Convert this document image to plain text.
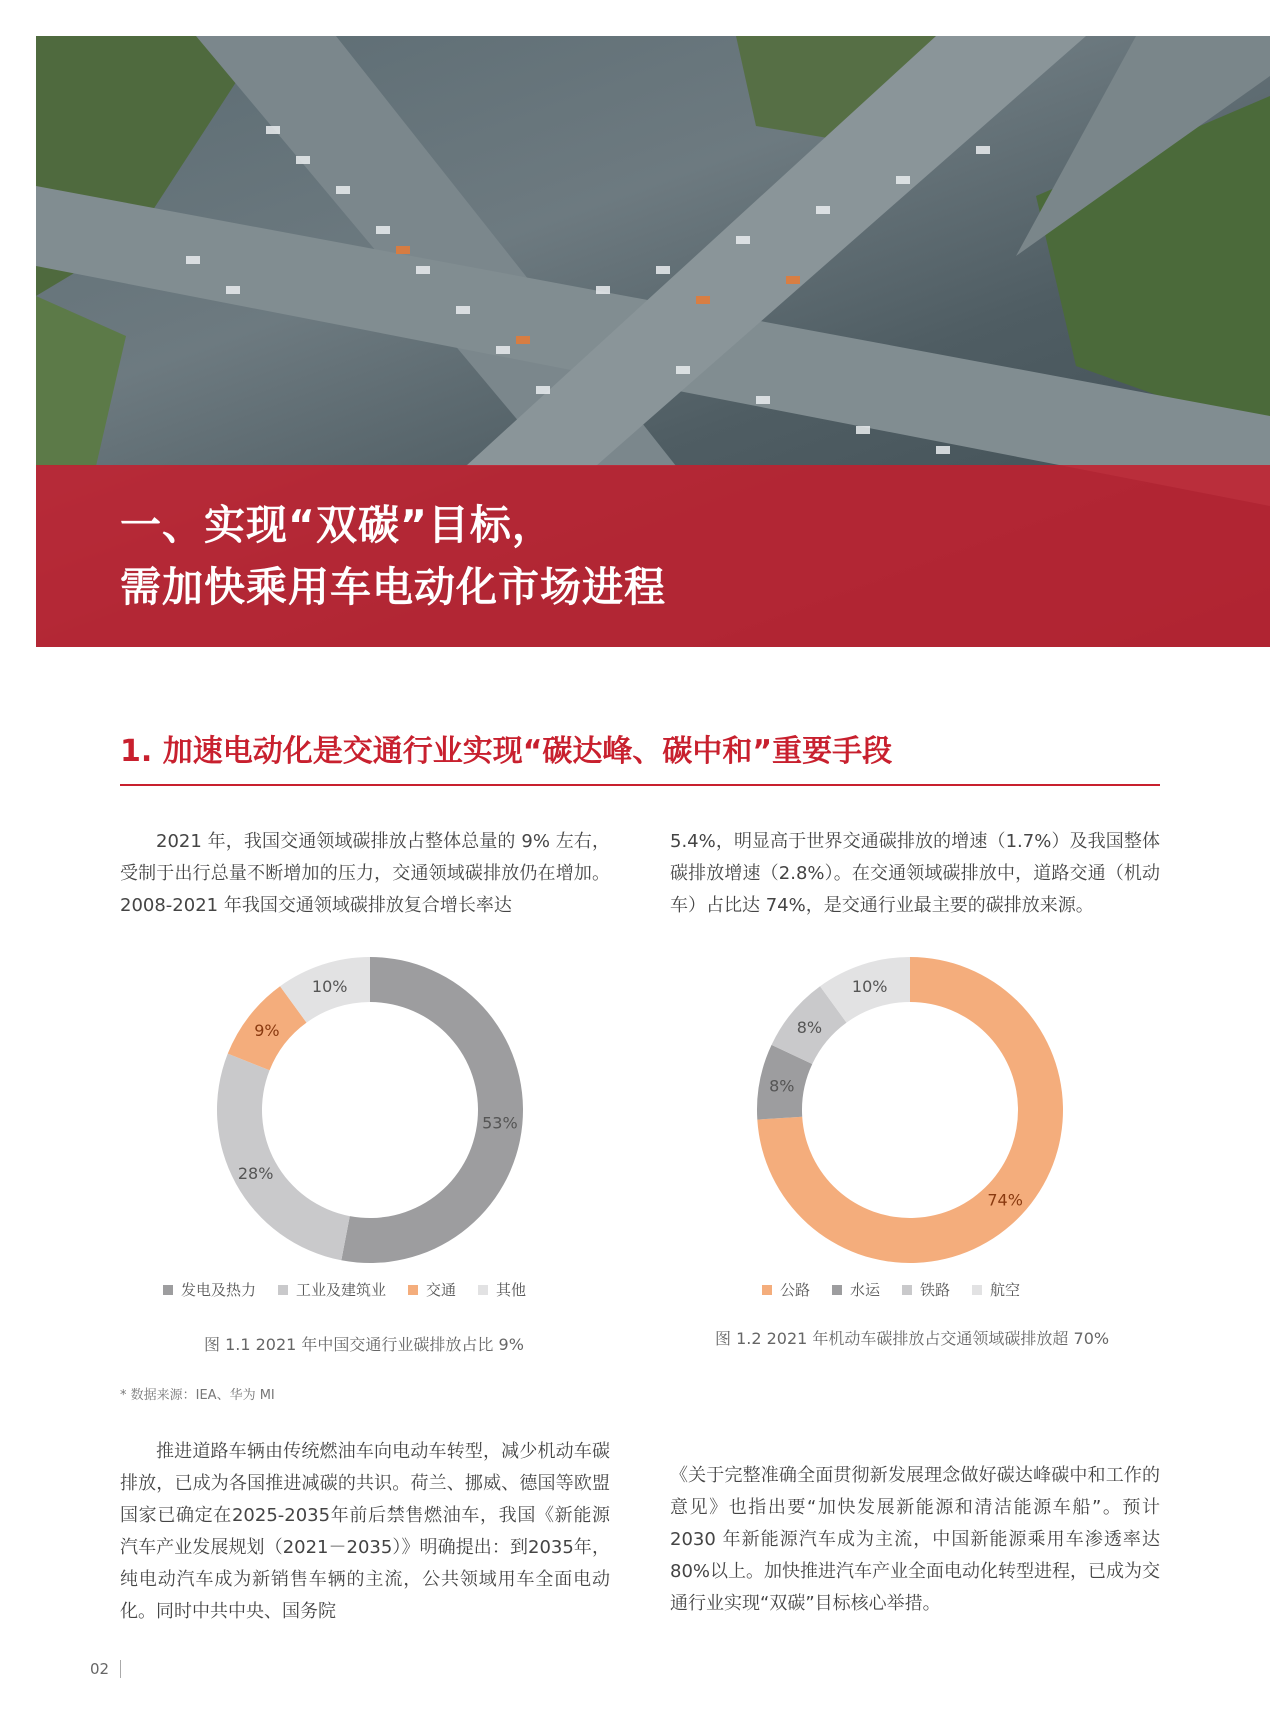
一、实现“双碳”目标，
需加快乘用车电动化市场进程
1. 加速电动化是交通行业实现“碳达峰、碳中和”重要手段

2021 年，我国交通领域碳排放占整体总量的 9% 左右，受制于出行总量不断增加的压力，交通领域碳排放仍在增加。2008-2021 年我国交通领域碳排放复合增长率达

5.4%，明显高于世界交通碳排放的增速（1.7%）及我国整体碳排放增速（2.8%）。在交通领域碳排放中，道路交通（机动车）占比达 74%，是交通行业最主要的碳排放来源。

53%
28%
9%
10%
74%
8%
8%
10%
发电及热力	工业及建筑业	交通	其他	公路	水运	铁路	航空
图 1.1 2021 年中国交通行业碳排放占比 9%	图 1.2 2021 年机动车碳排放占交通领域碳排放超 70%
* 数据来源：IEA、华为 MI

推进道路车辆由传统燃油车向电动车转型，减少机动车碳排放，已成为各国推进减碳的共识。荷兰、挪威、德国等欧盟国家已确定在2025-2035年前后禁售燃油车，我国《新能源汽车产业发展规划（2021－2035）》明确提出：到2035年，纯电动汽车成为新销售车辆的主流，公共领域用车全面电动化。同时中共中央、国务院

《关于完整准确全面贯彻新发展理念做好碳达峰碳中和工作的意见》也指出要“加快发展新能源和清洁能源车船”。预计 2030 年新能源汽车成为主流，中国新能源乘用车渗透率达80%以上。加快推进汽车产业全面电动化转型进程，已成为交通行业实现“双碳”目标核心举措。

02
